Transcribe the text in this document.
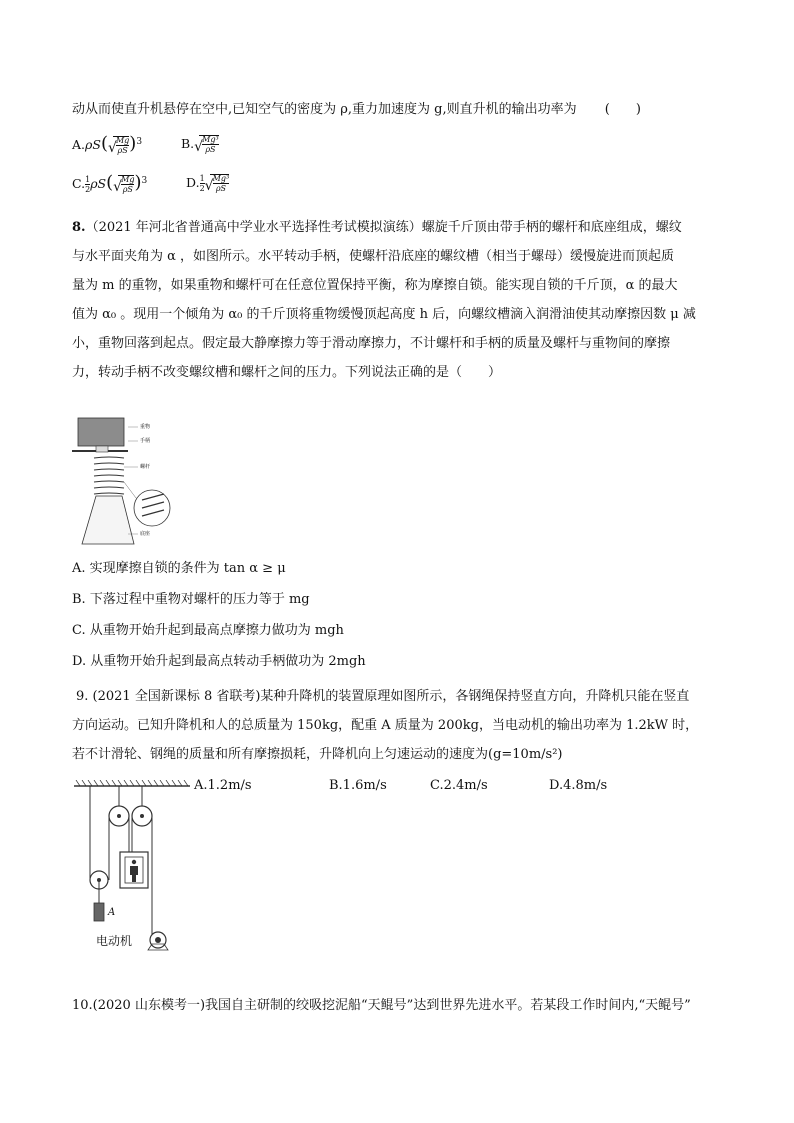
动从而使直升机悬停在空中,已知空气的密度为 ρ,重力加速度为 g,则直升机的输出功率为 (　　)
A.ρS( √ $\frac{Mg}{\rho S} )^3$	B. √ $\frac{\text{Mg³}}{\rho S}$
$C.\frac{1}{2} \rho S$( √ $\frac{Mg}{\rho S} )^3$	$D.\frac{1}{2}$ √ $\frac{\text{Mg³}}{\rho S}$
8.（2021 年河北省普通高中学业水平选择性考试模拟演练）螺旋千斤顶由带手柄的螺杆和底座组成，螺纹
与水平面夹角为 α ，如图所示。水平转动手柄，使螺杆沿底座的螺纹槽（相当于螺母）缓慢旋进而顶起质
量为 m 的重物，如果重物和螺杆可在任意位置保持平衡，称为摩擦自锁。能实现自锁的千斤顶，α 的最大
值为 α₀ 。现用一个倾角为 α₀ 的千斤顶将重物缓慢顶起高度 h 后，向螺纹槽滴入润滑油使其动摩擦因数 μ 减
小，重物回落到起点。假定最大静摩擦力等于滑动摩擦力，不计螺杆和手柄的质量及螺杆与重物间的摩擦
力，转动手柄不改变螺纹槽和螺杆之间的压力。下列说法正确的是（　　）
重物
手柄
螺杆
底座
A. 实现摩擦自锁的条件为 tan α ≥ μ
B. 下落过程中重物对螺杆的压力等于 mg
C. 从重物开始升起到最高点摩擦力做功为 mgh
D. 从重物开始升起到最高点转动手柄做功为 2mgh
9. (2021 全国新课标 8 省联考)某种升降机的装置原理如图所示，各钢绳保持竖直方向，升降机只能在竖直
方向运动。已知升降机和人的总质量为 150kg，配重 A 质量为 200kg，当电动机的输出功率为 1.2kW 时，
若不计滑轮、钢绳的质量和所有摩擦损耗，升降机向上匀速运动的速度为(g=10m/s²)
A.1.2m/s	B.1.6m/s	C.2.4m/s	D.4.8m/s
A
电动机
10.(2020 山东模考一)我国自主研制的绞吸挖泥船“天鲲号”达到世界先进水平。若某段工作时间内,“天鲲号”
